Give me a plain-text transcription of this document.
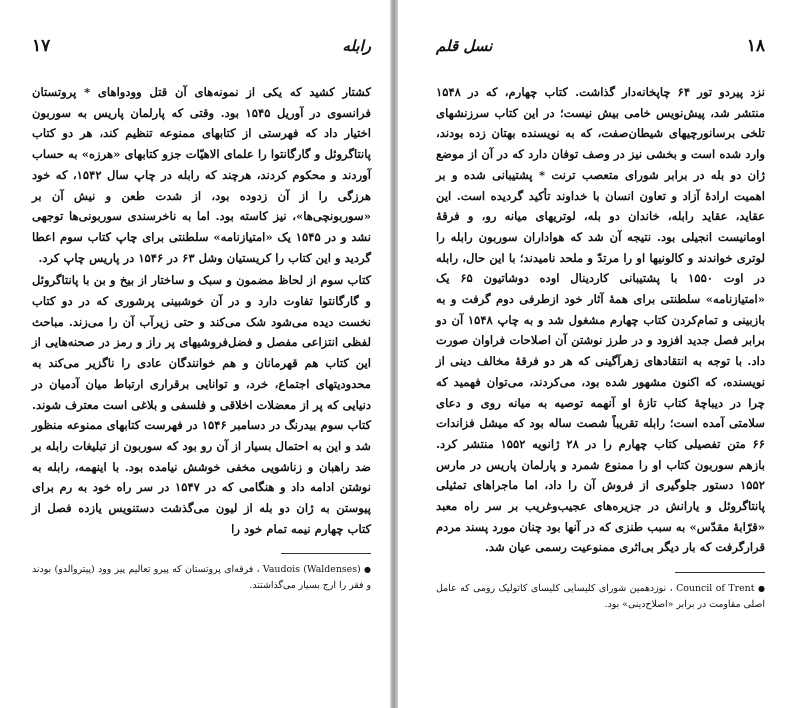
رابله
۱۷

کشتار کشید که یکی از نمونه‌های آن قتل وودواهای * پروتستان فرانسوی در آوریل ۱۵۴۵ بود. وقتی که پارلمان پاریس به سوربون اختیار داد که فهرستی از کتابهای ممنوعه تنظیم کند، هر دو کتاب پانتاگروئل و گارگانتوا را علمای الاهیّات جزو کتابهای «هرزه» به حساب آوردند و محکوم کردند، هرچند که رابله در چاپ سال ۱۵۴۲، که خود هرزگی را از آن زدوده بود، از شدت طعن و نیش آن بر «سوربونچی‌ها»، نیز کاسته بود. اما به ناخرسندی سوربونی‌ها توجهی نشد و در ۱۵۴۵ یک «امتیازنامه» سلطنتی برای چاپ کتاب سوم اعطا گردید و این کتاب را کریستیان وشل ۶۳ در ۱۵۴۶ در پاریس چاپ کرد.

کتاب سوم از لحاظ مضمون و سبک و ساختار از بیخ و بن با پانتاگروئل و گارگانتوا تفاوت دارد و در آن خوشبینی پرشوری که در دو کتاب نخست دیده می‌شود شک می‌کند و حتی زیرآب آن را می‌زند. مباحث لفظی انتزاعی مفصل و فضل‌فروشیهای پر راز و رمز در صحنه‌هایی از این کتاب هم قهرمانان و هم خوانندگان عادی را ناگزیر می‌کند به محدودیتهای اجتماع، خرد، و توانایی برقراری ارتباط میان آدمیان در دنیایی که پر از معضلات اخلاقی و فلسفی و بلاغی است معترف شوند. کتاب سوم بیدرنگ در دسامبر ۱۵۴۶ در فهرست کتابهای ممنوعه منظور شد و این به احتمال بسیار از آن رو بود که سوربون از تبلیغات رابله بر ضد راهبان و زناشویی مخفی خوشش نیامده بود. با اینهمه، رابله به نوشتن ادامه داد و هنگامی که در ۱۵۴۷ در سر راه خود به رم برای پیوستن به ژان دو بله از لیون می‌گذشت دستنویس یازده فصل از کتاب چهارم نیمه تمام خود را

● Vaudois (Waldenses) ، فرقه‌ای پروتستان که پیرو تعالیم پیر وود (پیتروالدو) بودند و فقر را ارج بسیار می‌گذاشتند.
۱۸
نسل قلم

نزد پیردو تور ۶۴ چاپخانه‌دار گذاشت. کتاب چهارم، که در ۱۵۴۸ منتشر شد، پیش‌نویس خامی بیش نیست؛ در این کتاب سرزنشهای تلخی برسانورچیهای شیطان‌صفت، که به نویسنده بهتان زده بودند، وارد شده است و بخشی نیز در وصف توفان دارد که در آن از موضع ژان دو بله در برابر شورای متعصب ترنت * پشتیبانی شده و بر اهمیت ارادهٔ آزاد و تعاون انسان با خداوند تأکید گردیده است. این عقاید، عقاید رابله، خاندان دو بله، لوتریهای میانه رو، و فرقهٔ اومانیست انجیلی بود. نتیجه آن شد که هواداران سوربون رابله را لوتری خواندند و کالونیها او را مرتدّ و ملحد نامیدند؛ با این حال، رابله در اوت ۱۵۵۰ با پشتیبانی کاردینال اوده دوشاتیون ۶۵ یک «امتیازنامه» سلطنتی برای همهٔ آثار خود ازطرفی دوم گرفت و به بازبینی و تمام‌کردن کتاب چهارم مشغول شد و به چاپ ۱۵۴۸ آن دو برابر فصل جدید افزود و در طرز نوشتن آن اصلاحات فراوان صورت داد. با توجه به انتقادهای زهرآگینی که هر دو فرقهٔ مخالف دینی از نویسنده، که اکنون مشهور شده بود، می‌کردند، می‌توان فهمید که چرا در دیباچهٔ کتاب تازهٔ او آنهمه توصیه به میانه روی و دعای سلامتی آمده است؛ رابله تقریباً شصت ساله بود که میشل فزاندات ۶۶ متن تفصیلی کتاب چهارم را در ۲۸ ژانویه ۱۵۵۲ منتشر کرد. بازهم سوربون کتاب او را ممنوع شمرد و پارلمان پاریس در مارس ۱۵۵۲ دستور جلوگیری از فروش آن را داد، اما ماجراهای تمثیلی پانتاگروئل و یارانش در جزیره‌های عجیب‌وغریب بر سر راه معبد «قرّابهٔ مقدّس» به سبب طنزی که در آنها بود چنان مورد پسند مردم قرارگرفت که بار دیگر بی‌اثری ممنوعیت رسمی عیان شد.

● Council of Trent ، نوزدهمین شورای کلیسایی کلیسای کاتولیک رومی که عامل اصلی مقاومت در برابر «اصلاح‌دینی» بود.
